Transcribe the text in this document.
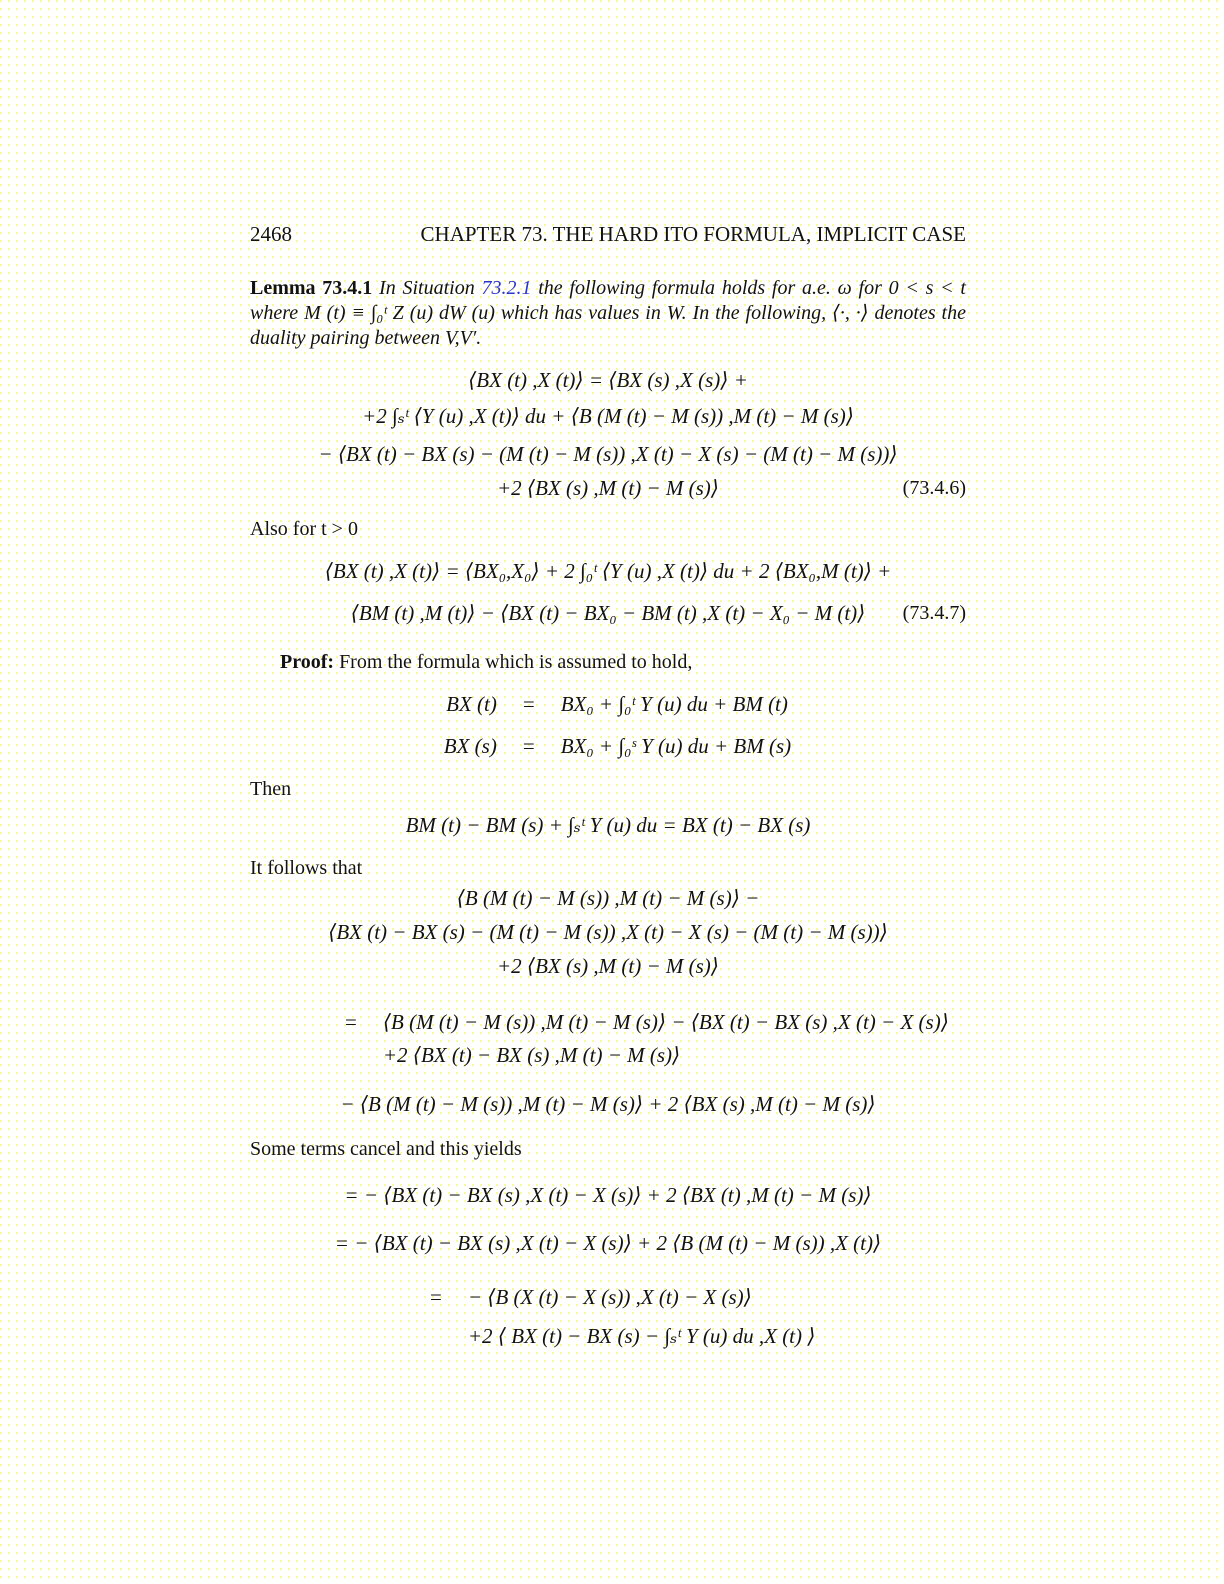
2468	CHAPTER 73. THE HARD ITO FORMULA, IMPLICIT CASE
Lemma 73.4.1 In Situation 73.2.1 the following formula holds for a.e. ω for 0 < s < t where M (t) ≡ ∫₀ᵗ Z (u) dW (u) which has values in W. In the following, ⟨·, ·⟩ denotes the duality pairing between V,V′.
⟨BX (t) ,X (t)⟩ = ⟨BX (s) ,X (s)⟩ +
+2 ∫ₛᵗ ⟨Y (u) ,X (t)⟩ du + ⟨B (M (t) − M (s)) ,M (t) − M (s)⟩
− ⟨BX (t) − BX (s) − (M (t) − M (s)) ,X (t) − X (s) − (M (t) − M (s))⟩
+2 ⟨BX (s) ,M (t) − M (s)⟩	(73.4.6)
Also for t > 0
⟨BX (t) ,X (t)⟩ = ⟨BX₀,X₀⟩ + 2 ∫₀ᵗ ⟨Y (u) ,X (t)⟩ du + 2 ⟨BX₀,M (t)⟩ +
⟨BM (t) ,M (t)⟩ − ⟨BX (t) − BX₀ − BM (t) ,X (t) − X₀ − M (t)⟩ (73.4.7)
Proof: From the formula which is assumed to hold,
BX (t)	=	BX₀ + ∫₀ᵗ Y (u) du + BM (t)
BX (s)	=	BX₀ + ∫₀ˢ Y (u) du + BM (s)
Then
BM (t) − BM (s) + ∫ₛᵗ Y (u) du = BX (t) − BX (s)
It follows that
⟨B (M (t) − M (s)) ,M (t) − M (s)⟩ −
⟨BX (t) − BX (s) − (M (t) − M (s)) ,X (t) − X (s) − (M (t) − M (s))⟩
+2 ⟨BX (s) ,M (t) − M (s)⟩
= ⟨B (M (t) − M (s)) ,M (t) − M (s)⟩ − ⟨BX (t) − BX (s) ,X (t) − X (s)⟩
+2 ⟨BX (t) − BX (s) ,M (t) − M (s)⟩
− ⟨B (M (t) − M (s)) ,M (t) − M (s)⟩ + 2 ⟨BX (s) ,M (t) − M (s)⟩
Some terms cancel and this yields
= − ⟨BX (t) − BX (s) ,X (t) − X (s)⟩ + 2 ⟨BX (t) ,M (t) − M (s)⟩
= − ⟨BX (t) − BX (s) ,X (t) − X (s)⟩ + 2 ⟨B (M (t) − M (s)) ,X (t)⟩
= − ⟨B (X (t) − X (s)) ,X (t) − X (s)⟩
+2 ⟨ BX (t) − BX (s) − ∫ₛᵗ Y (u) du ,X (t) ⟩
